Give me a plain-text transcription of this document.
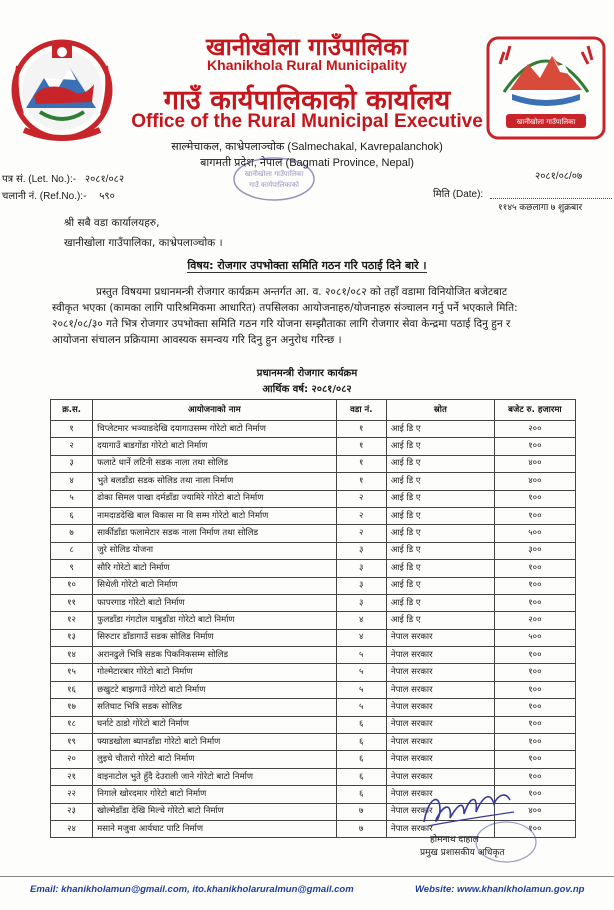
खानीखोला गाउँपालिका
खानीखोला गाउँपालिका
Khanikhola Rural Municipality
गाउँ कार्यपालिकाको कार्यालय
Office of the Rural Municipal Executive
साल्मेचाकल, काभ्रेपलाञ्चोक (Salmechakal, Kavrepalanchok)
बागमती प्रदेश, नेपाल (Bagmati Province, Nepal)
खानीखोला गाउँपालिका
गाउँ कार्यपालिकाको
पत्र सं. (Let. No.):- २०८१/०८२
चलानी नं. (Ref.No.):- ५९०
२०८१/०८/०७
मिति (Date):
११४५ कछलागा ७ शुक्रबार
श्री सबै वडा कार्यालयहरु,
खानीखोला गाउँपालिका, काभ्रेपलाञ्चोक ।
विषय: रोजगार उपभोक्ता समिति गठन गरि पठाई दिने बारे ।
प्रस्तुत विषयमा प्रधानमन्त्री रोजगार कार्यक्रम अन्तर्गत आ. व. २०८१/०८२ को तहाँ वडामा विनियोजित बजेटबाट
स्वीकृत भएका (कामका लागि पारिश्रमिकमा आधारित) तपसिलका आयोजनाहरु/योजनाहरु संञ्चालन गर्नु पर्ने भएकाले मिति:
२०८१/०८/३० गते भित्र रोजगार उपभोक्ता समिति गठन गरि योजना सम्झौताका लागि रोजगार सेवा केन्द्रमा पठाई दिनु हुन र
आयोजना संचालन प्रक्रियामा आवस्यक समन्वय गरि दिनु हुन अनुरोध गरिन्छ ।
प्रधानमन्त्री रोजगार कार्यक्रम
आर्थिक वर्ष: २०८१/०८२
क्र.स.	आयोजनाको नाम	वडा नं.	स्रोत	बजेट रु. हजारमा
१	चिप्लेटमार भञ्याङदेखि दयागाउसम्म गोरेटो बाटो निर्माण	१	आई डि ए	२००
२	दयागाउँ बाडगोंडा गोरेटो बाटो निर्माण	१	आई डि ए	१००
३	फलाटे धार्ने लटिनी सडक नाला तथा सोलिड	१	आई डि ए	४००
४	भुते बलडाँडा सडक सोलिड तथा नाला निर्माण	१	आई डि ए	४००
५	ढोका सिमल पाखा दर्मडाँडा ज्यामिरे गोरेटो बाटो निर्माण	२	आई डि ए	१००
६	नामदाडदेखि बाल विकास मा वि सम्म गोरेटो बाटो निर्माण	२	आई डि ए	१००
७	सार्कीडाँडा फलामेटार सडक नाला निर्माण तथा सोलिड	२	आई डि ए	५००
८	जुरे सोलिड योजना	३	आई डि ए	३००
९	सौरि गोरेटो बाटो निर्माण	३	आई डि ए	१००
१०	सिथेली गोरेटो बाटो निर्माण	३	आई डि ए	१००
११	फापरगाड गोरेटो बाटो निर्माण	३	आई डि ए	१००
१२	फुलडाँडा गंगटोल याबुडाँडा गोरेटो बाटो निर्माण	४	आई डि ए	२००
१३	सिरुटार डाँडागाउँ सडक सोलिड निर्माण	४	नेपाल सरकार	५००
१४	अरानढुले भित्रि सडक पिकनिकसम्म सोलिड	५	नेपाल सरकार	१००
१५	गोल्मेटारबार गोरेटो बाटो निर्माण	५	नेपाल सरकार	१००
१६	छखुटटे बाझगाउँ गोरेटो बाटो निर्माण	५	नेपाल सरकार	१००
१७	सतिघाट भित्रि सडक सोलिड	५	नेपाल सरकार	१००
१८	घर्नाटे ठाडो गोरेटो बाटो निर्माण	६	नेपाल सरकार	१००
१९	फ्याडखोला ब्यानडाँडा गोरेटो बाटो निर्माण	६	नेपाल सरकार	१००
२०	लुइचे चौतारो गोरेटो बाटो निर्माण	६	नेपाल सरकार	१००
२१	वाइनाटोल भुते हुँदै देउराली जाने गोरेटो बाटो निर्माण	६	नेपाल सरकार	१००
२२	निगाले खोरदमार गोरेटो बाटो निर्माण	६	नेपाल सरकार	१००
२३	खोल्मेडाँडा देखि मिल्चे गोरेटो बाटो निर्माण	७	नेपाल सरकार	४००
२४	मसाने मजुवा आर्यघाट पाटि निर्माण	७	नेपाल सरकार	१००
होमनाथ दाहाल
प्रमुख प्रशासकीय अधिकृत
Email: khanikholamun@gmail.com, ito.khanikholaruralmun@gmail.com	Website: www.khanikholamun.gov.np
